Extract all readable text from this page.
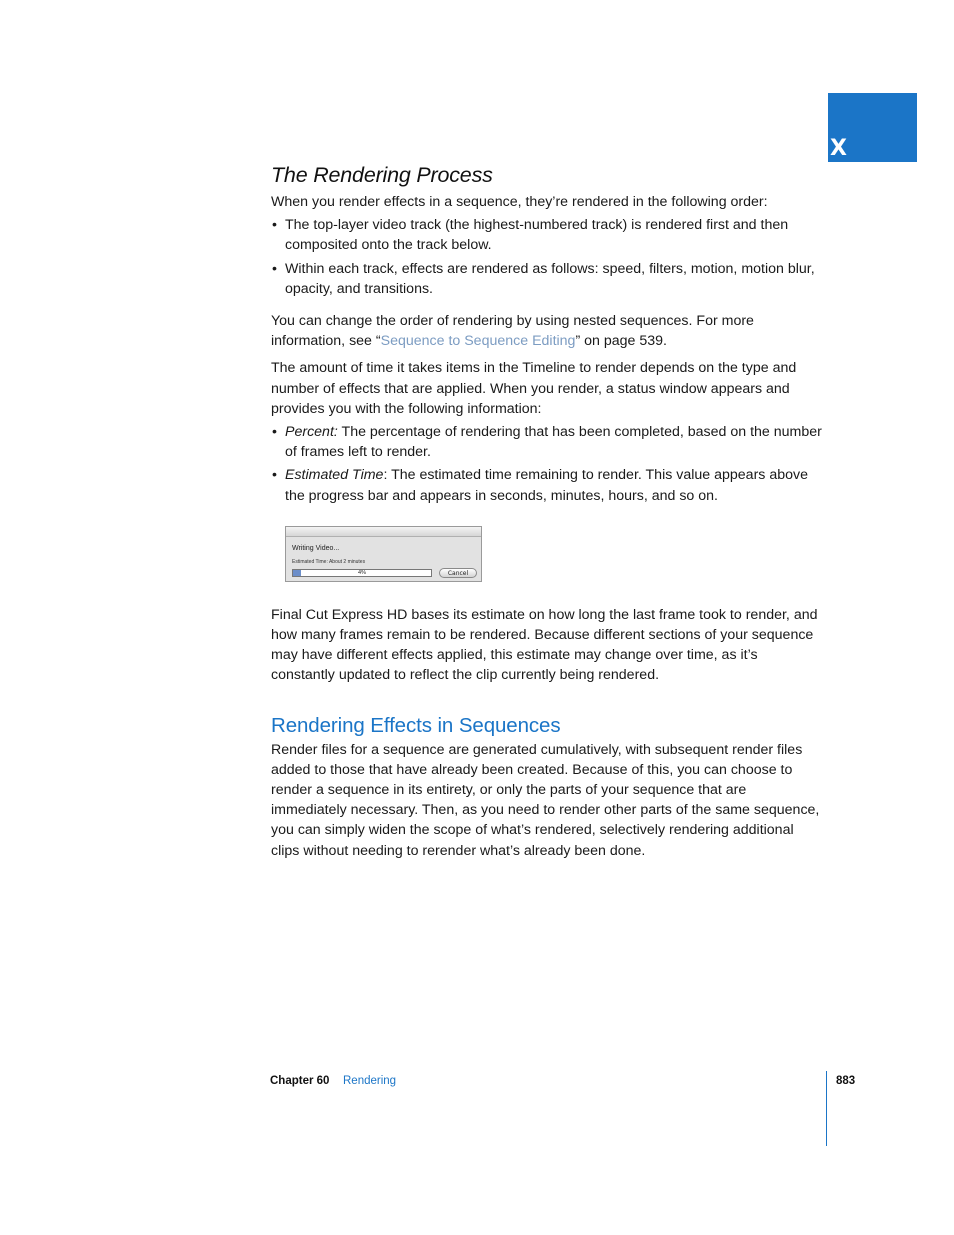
X
The Rendering Process

When you render effects in a sequence, they’re rendered in the following order:

• The top-layer video track (the highest-numbered track) is rendered first and then composited onto the track below.
• Within each track, effects are rendered as follows: speed, filters, motion, motion blur, opacity, and transitions.

You can change the order of rendering by using nested sequences. For more information, see “Sequence to Sequence Editing” on page 539.

The amount of time it takes items in the Timeline to render depends on the type and number of effects that are applied. When you render, a status window appears and provides you with the following information:

• Percent: The percentage of rendering that has been completed, based on the number of frames left to render.
• Estimated Time: The estimated time remaining to render. This value appears above the progress bar and appears in seconds, minutes, hours, and so on.
Writing Video...
Estimated Time: About 2 minutes
4%	Cancel

Final Cut Express HD bases its estimate on how long the last frame took to render, and how many frames remain to be rendered. Because different sections of your sequence may have different effects applied, this estimate may change over time, as it’s constantly updated to reflect the clip currently being rendered.

Rendering Effects in Sequences

Render files for a sequence are generated cumulatively, with subsequent render files added to those that have already been created. Because of this, you can choose to render a sequence in its entirety, or only the parts of your sequence that are immediately necessary. Then, as you need to render other parts of the same sequence, you can simply widen the scope of what’s rendered, selectively rendering additional clips without needing to rerender what’s already been done.

Chapter 60 Rendering	883
